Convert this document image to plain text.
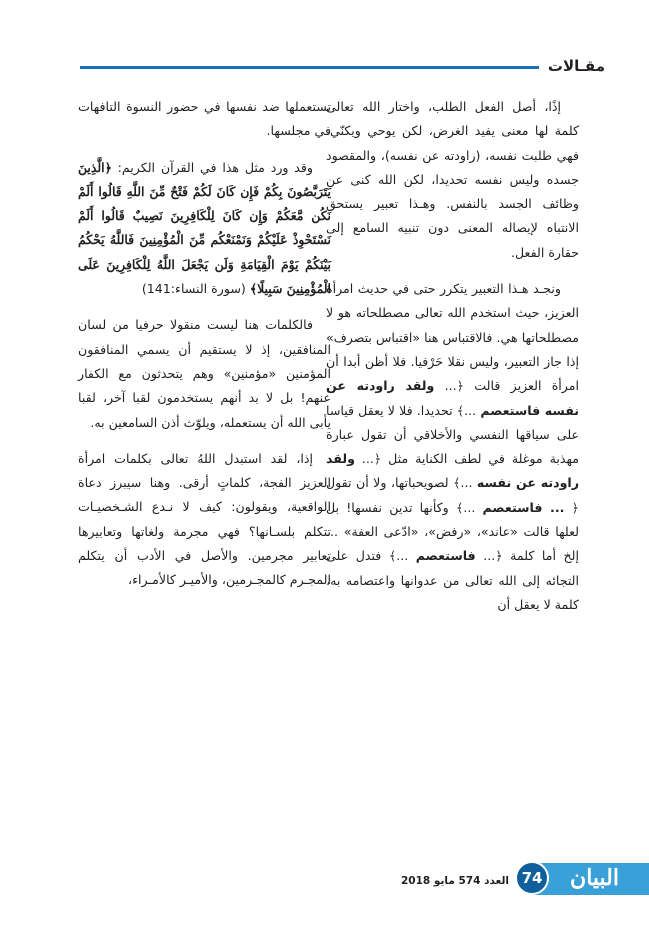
مقـالات

إذًا، أصل الفعل الطلب، واختار الله تعالى كلمة لها معنى يفيد الغرض، لكن يوحي ويكنّي. فهي طلبت نفسه، (راودته عن نفسه)، والمقصود جسده وليس نفسه تحديدا، لكن الله كنى عن وظائف الجسد بالنفس. وهـذا تعبير يستحق الانتباه لإيصاله المعنى دون تنبيه السامع إلى حقارة الفعل.

ونجـد هـذا التعبير يتكرر حتى في حديث امرأة العزيز، حيث استخدم الله تعالى مصطلحاته هو لا مصطلحاتها هي. فالاقتباس هنا «اقتباس بتصرف» إذا جاز التعبير، وليس نقلا حَرْفيا. فلا أظن أبدا أن امرأة العزيز قالت ﴿... ولقد راودته عن نفسه فاستعصم ...﴾ تحديدا. فلا لا يعقل قياسا على سياقها النفسي والأخلاقي أن تقول عبارة مهذبة موغلة في لطف الكناية مثل ﴿... ولقد راودته عن نفسه ...﴾ لصويحباتها، ولا أن تقول ﴿ ... فاستعصم ...﴾ وكأنها تدين نفسها! بل لعلها قالت «عاند»، «رفض»، «ادّعى العفة» ... إلخ أما كلمة ﴿... فاستعصم ...﴾ فتدل على التجائه إلى الله تعالى من عدوانها واعتصامه به، كلمة لا يعقل أن

تستعملها ضد نفسها في حضور النسوة التافهات في مجلسها.

وقد ورد مثل هذا في القرآن الكريم: ﴿الَّذِينَ يَتَرَبَّصُونَ بِكُمْ فَإِن كَانَ لَكُمْ فَتْحٌ مِّنَ اللَّهِ قَالُوا أَلَمْ نَكُن مَّعَكُمْ وَإِن كَانَ لِلْكَافِرِينَ نَصِيبٌ قَالُوا أَلَمْ نَسْتَحْوِذْ عَلَيْكُمْ وَنَمْنَعْكُم مِّنَ الْمُؤْمِنِينَ فَاللَّهُ يَحْكُمُ بَيْنَكُمْ يَوْمَ الْقِيَامَةِ وَلَن يَجْعَلَ اللَّهُ لِلْكَافِرِينَ عَلَى الْمُؤْمِنِينَ سَبِيلًا﴾ (سورة النساء:141)

فالكلمات هنا ليست منقولا حرفيا من لسان المنافقين، إذ لا يستقيم أن يسمي المنافقون المؤمنين «مؤمنين» وهم يتحدثون مع الكفار عنهم! بل لا بد أنهم يستخدمون لقبا آخر، لقبا يأبى الله أن يستعمله، ويلوّث أذن السامعين به.

إذا، لقد استبدل اللهُ تعالى بكلمات امرأة العزيز الفجة، كلماتٍ أرقى. وهنا سيبرز دعاة الواقعية، ويقولون: كيف لا نـدع الشـخصيـات تتكلم بلسـانها؟ فهي مجرمة ولغاتها وتعابيرها تعابير مجرمين. والأصل في الأدب أن يتكلم المجـرم كالمجـرمين، والأميـر كالأمـراء،

البيان
74
العدد 574 مايو 2018
